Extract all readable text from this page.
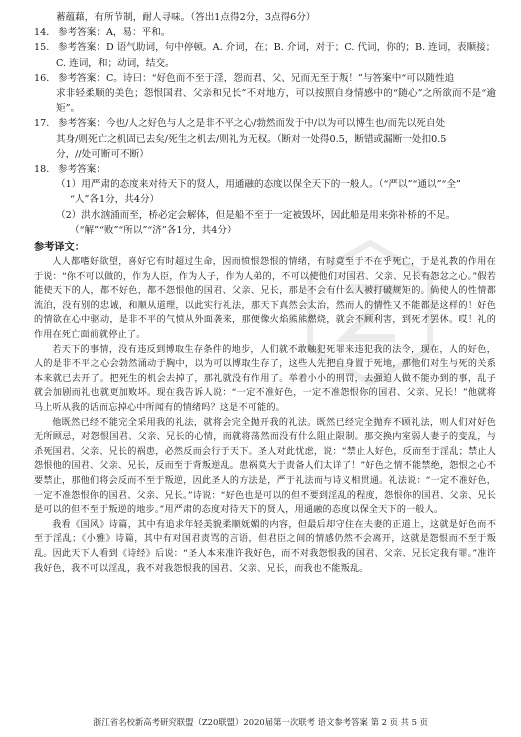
蓄蕴藉，有所节制，耐人寻味。（答出1点得2分，3点得6分）

14. 参考答案：A，易：平和。
15. 参考答案：D 语气助词，句中停顿。A. 介词，在；B. 介词，对于；C. 代词，你的；B. 连词，表顺接；

C. 连词，和；动词，结交。

16. 参考答案：C。诗曰：“好色而不至于淫，怨而君、父、兄而无至于叛！”与答案中“可以随性追

求非轻柔顺的美色；怨恨国君、父亲和兄长”不对地方，可以按照自身情感中的“随心”之所欲而不是“逾矩”。

17. 参考答案：今也/人之好色与人之是非不平之心/勃然而发于中/以为可以博生也/而先以死自处

其身/则死亡之机固已去矣/死生之机去/则礼为无权。（断对一处得0.5，断错或漏断一处扣0.5

分，//处可断可不断）

18. 参考答案：

（1）用严肃的态度来对待天下的贤人，用通融的态度以保全天下的一般人。（“严以”“通以”“全”

“人”各1分，共4分）

（2）洪水汹涌而至，桥必定会解体，但是船不至于一定被毁坏，因此船是用来弥补桥的不足。

（“解”“败”“所以”“济”各1分，共4分）

参考译文：

人人都嗜好欲望，喜好它有时超过生命，因而愤恨怨恨的情绪，有时竟至于不在乎死亡，于是礼教的作用在于说：“你不可以做的，作为人臣，作为人子，作为人弟的，不可以使他们对国君、父亲、兄长有怨忿之心。”假若能使天下的人，都不好色，都不怨恨他的国君、父亲、兄长，那是不会有什么人被打破规矩的。倘使人的性情都流泊，没有别的忠诚，和顺从道理，以此实行礼法，那天下真然会太治，然而人的情性又不能都是这样的！好色的情欲在心中驱动，是非不平的气愤从外面袭来，那便像火焰熊熊燃烧，就会不顾利害，到死才罢休。哎！礼的作用在死亡面前就停止了。

若天下的事情，没有违反到博取生存条件的地步，人们就不敢触犯死罪来违犯我的法令，现在，人的好色，人的是非不平之心会勃然涌动于胸中，以为可以博取生存了，这些人先把自身置于死地，那他们对生与死的关系本来就已去开了。把死生的机会去掉了，那礼就没有作用了。举着小小的刑罚，去强迫人做不能办到的事，乱子就会加剧而礼也就更加败坏。现在我告诉人说：“一定不准好色，一定不准怨恨你的国君、父亲、兄长！”他就将马上听从我的话而忘掉心中所闻有的情绪吗？这是不可能的。

他既然已经不能完全采用我的礼法，就将会完全抛开我的礼法。既然已经完全抛弃不顾礼法，则人们对好色无所顾忌，对怨恨国君、父亲、兄长的心情，而就将荡然而没有什么阻止限制。那交换内室弱人妻子的变乱，与杀死国君、父亲、兄长的祸患，必然反而会行于天下。圣人对此忧虑，说：“禁止人好色，反而至于淫乱；禁止人怨恨他的国君、父亲、兄长，反而至于背叛逆乱。患祸莫大于责备人们太详了！”好色之情不能禁绝，怨恨之心不要禁止，那他们将会反而不至于叛逆，因此圣人的方法是，严于礼法而与诗义相贯通。礼法说：“一定不准好色，一定不准怨恨你的国君、父亲、兄长。”诗说：“好色也是可以的但不要到淫乱的程度，怨恨你的国君、父亲、兄长是可以的但不至于叛逆的地步。”用严肃的态度对待天下的贤人，用通融的态度以保全天下的一般人。

我看《国风》诗篇，其中有追求年轻美貌柔顺妩媚的内容，但最后却守住在夫妻的正道上，这就是好色而不至于淫乱；《小雅》诗篇，其中有对国君责骂的言语，但君臣之间的情感仍然不会离开，这就是怨恨而不至于叛乱。因此天下人看到《诗经》后说：“圣人本来准许我好色，而不对我怨恨我的国君、父亲、兄长定我有罪。”准许我好色，我不可以淫乱，我不对我怨恨我的国君、父亲、兄长，而我也不能叛乱。

浙江省名校新高考研究联盟（Z20联盟）2020届第一次联考 语文参考答案 第 2 页 共 5 页
